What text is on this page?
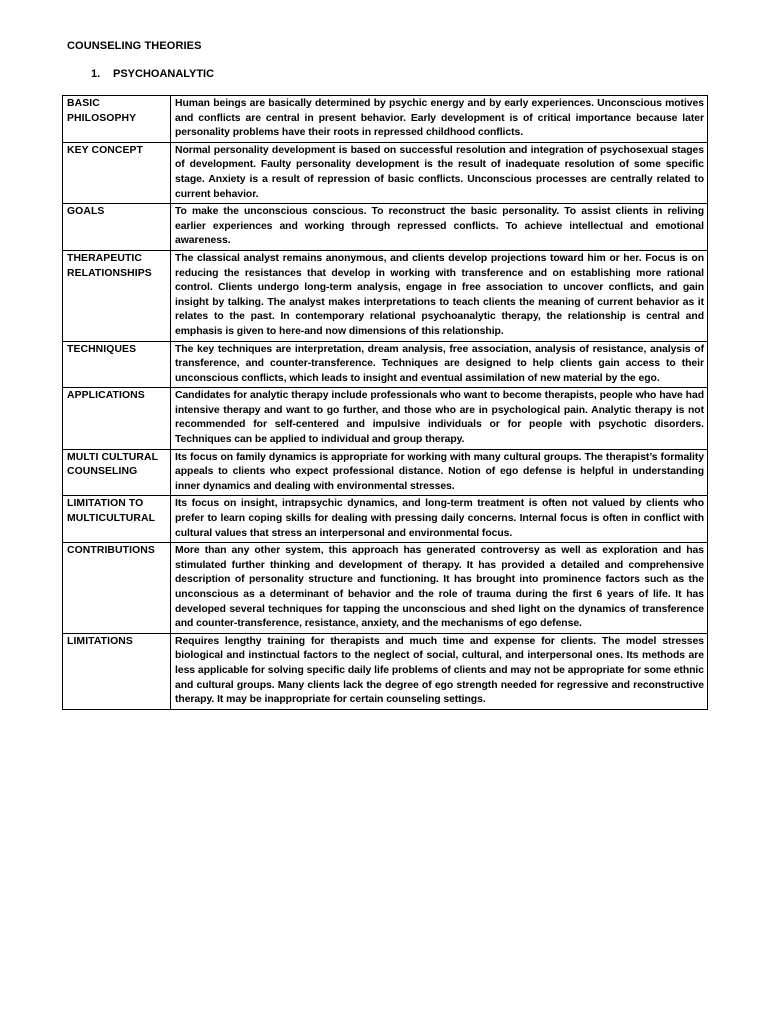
COUNSELING THEORIES
1. PSYCHOANALYTIC
BASIC PHILOSOPHY	Human beings are basically determined by psychic energy and by early experiences. Unconscious motives and conflicts are central in present behavior. Early development is of critical importance because later personality problems have their roots in repressed childhood conflicts.
KEY CONCEPT	Normal personality development is based on successful resolution and integration of psychosexual stages of development. Faulty personality development is the result of inadequate resolution of some specific stage. Anxiety is a result of repression of basic conflicts. Unconscious processes are centrally related to current behavior.
GOALS	To make the unconscious conscious. To reconstruct the basic personality. To assist clients in reliving earlier experiences and working through repressed conflicts. To achieve intellectual and emotional awareness.
THERAPEUTIC RELATIONSHIPS	The classical analyst remains anonymous, and clients develop projections toward him or her. Focus is on reducing the resistances that develop in working with transference and on establishing more rational control. Clients undergo long-term analysis, engage in free association to uncover conflicts, and gain insight by talking. The analyst makes interpretations to teach clients the meaning of current behavior as it relates to the past. In contemporary relational psychoanalytic therapy, the relationship is central and emphasis is given to here-and now dimensions of this relationship.
TECHNIQUES	The key techniques are interpretation, dream analysis, free association, analysis of resistance, analysis of transference, and counter-transference. Techniques are designed to help clients gain access to their unconscious conflicts, which leads to insight and eventual assimilation of new material by the ego.
APPLICATIONS	Candidates for analytic therapy include professionals who want to become therapists, people who have had intensive therapy and want to go further, and those who are in psychological pain. Analytic therapy is not recommended for self-centered and impulsive individuals or for people with psychotic disorders. Techniques can be applied to individual and group therapy.
MULTI CULTURAL COUNSELING	Its focus on family dynamics is appropriate for working with many cultural groups. The therapist’s formality appeals to clients who expect professional distance. Notion of ego defense is helpful in understanding inner dynamics and dealing with environmental stresses.
LIMITATION TO MULTICULTURAL	Its focus on insight, intrapsychic dynamics, and long-term treatment is often not valued by clients who prefer to learn coping skills for dealing with pressing daily concerns. Internal focus is often in conflict with cultural values that stress an interpersonal and environmental focus.
CONTRIBUTIONS	More than any other system, this approach has generated controversy as well as exploration and has stimulated further thinking and development of therapy. It has provided a detailed and comprehensive description of personality structure and functioning. It has brought into prominence factors such as the unconscious as a determinant of behavior and the role of trauma during the first 6 years of life. It has developed several techniques for tapping the unconscious and shed light on the dynamics of transference and counter-transference, resistance, anxiety, and the mechanisms of ego defense.
LIMITATIONS	Requires lengthy training for therapists and much time and expense for clients. The model stresses biological and instinctual factors to the neglect of social, cultural, and interpersonal ones. Its methods are less applicable for solving specific daily life problems of clients and may not be appropriate for some ethnic and cultural groups. Many clients lack the degree of ego strength needed for regressive and reconstructive therapy. It may be inappropriate for certain counseling settings.
